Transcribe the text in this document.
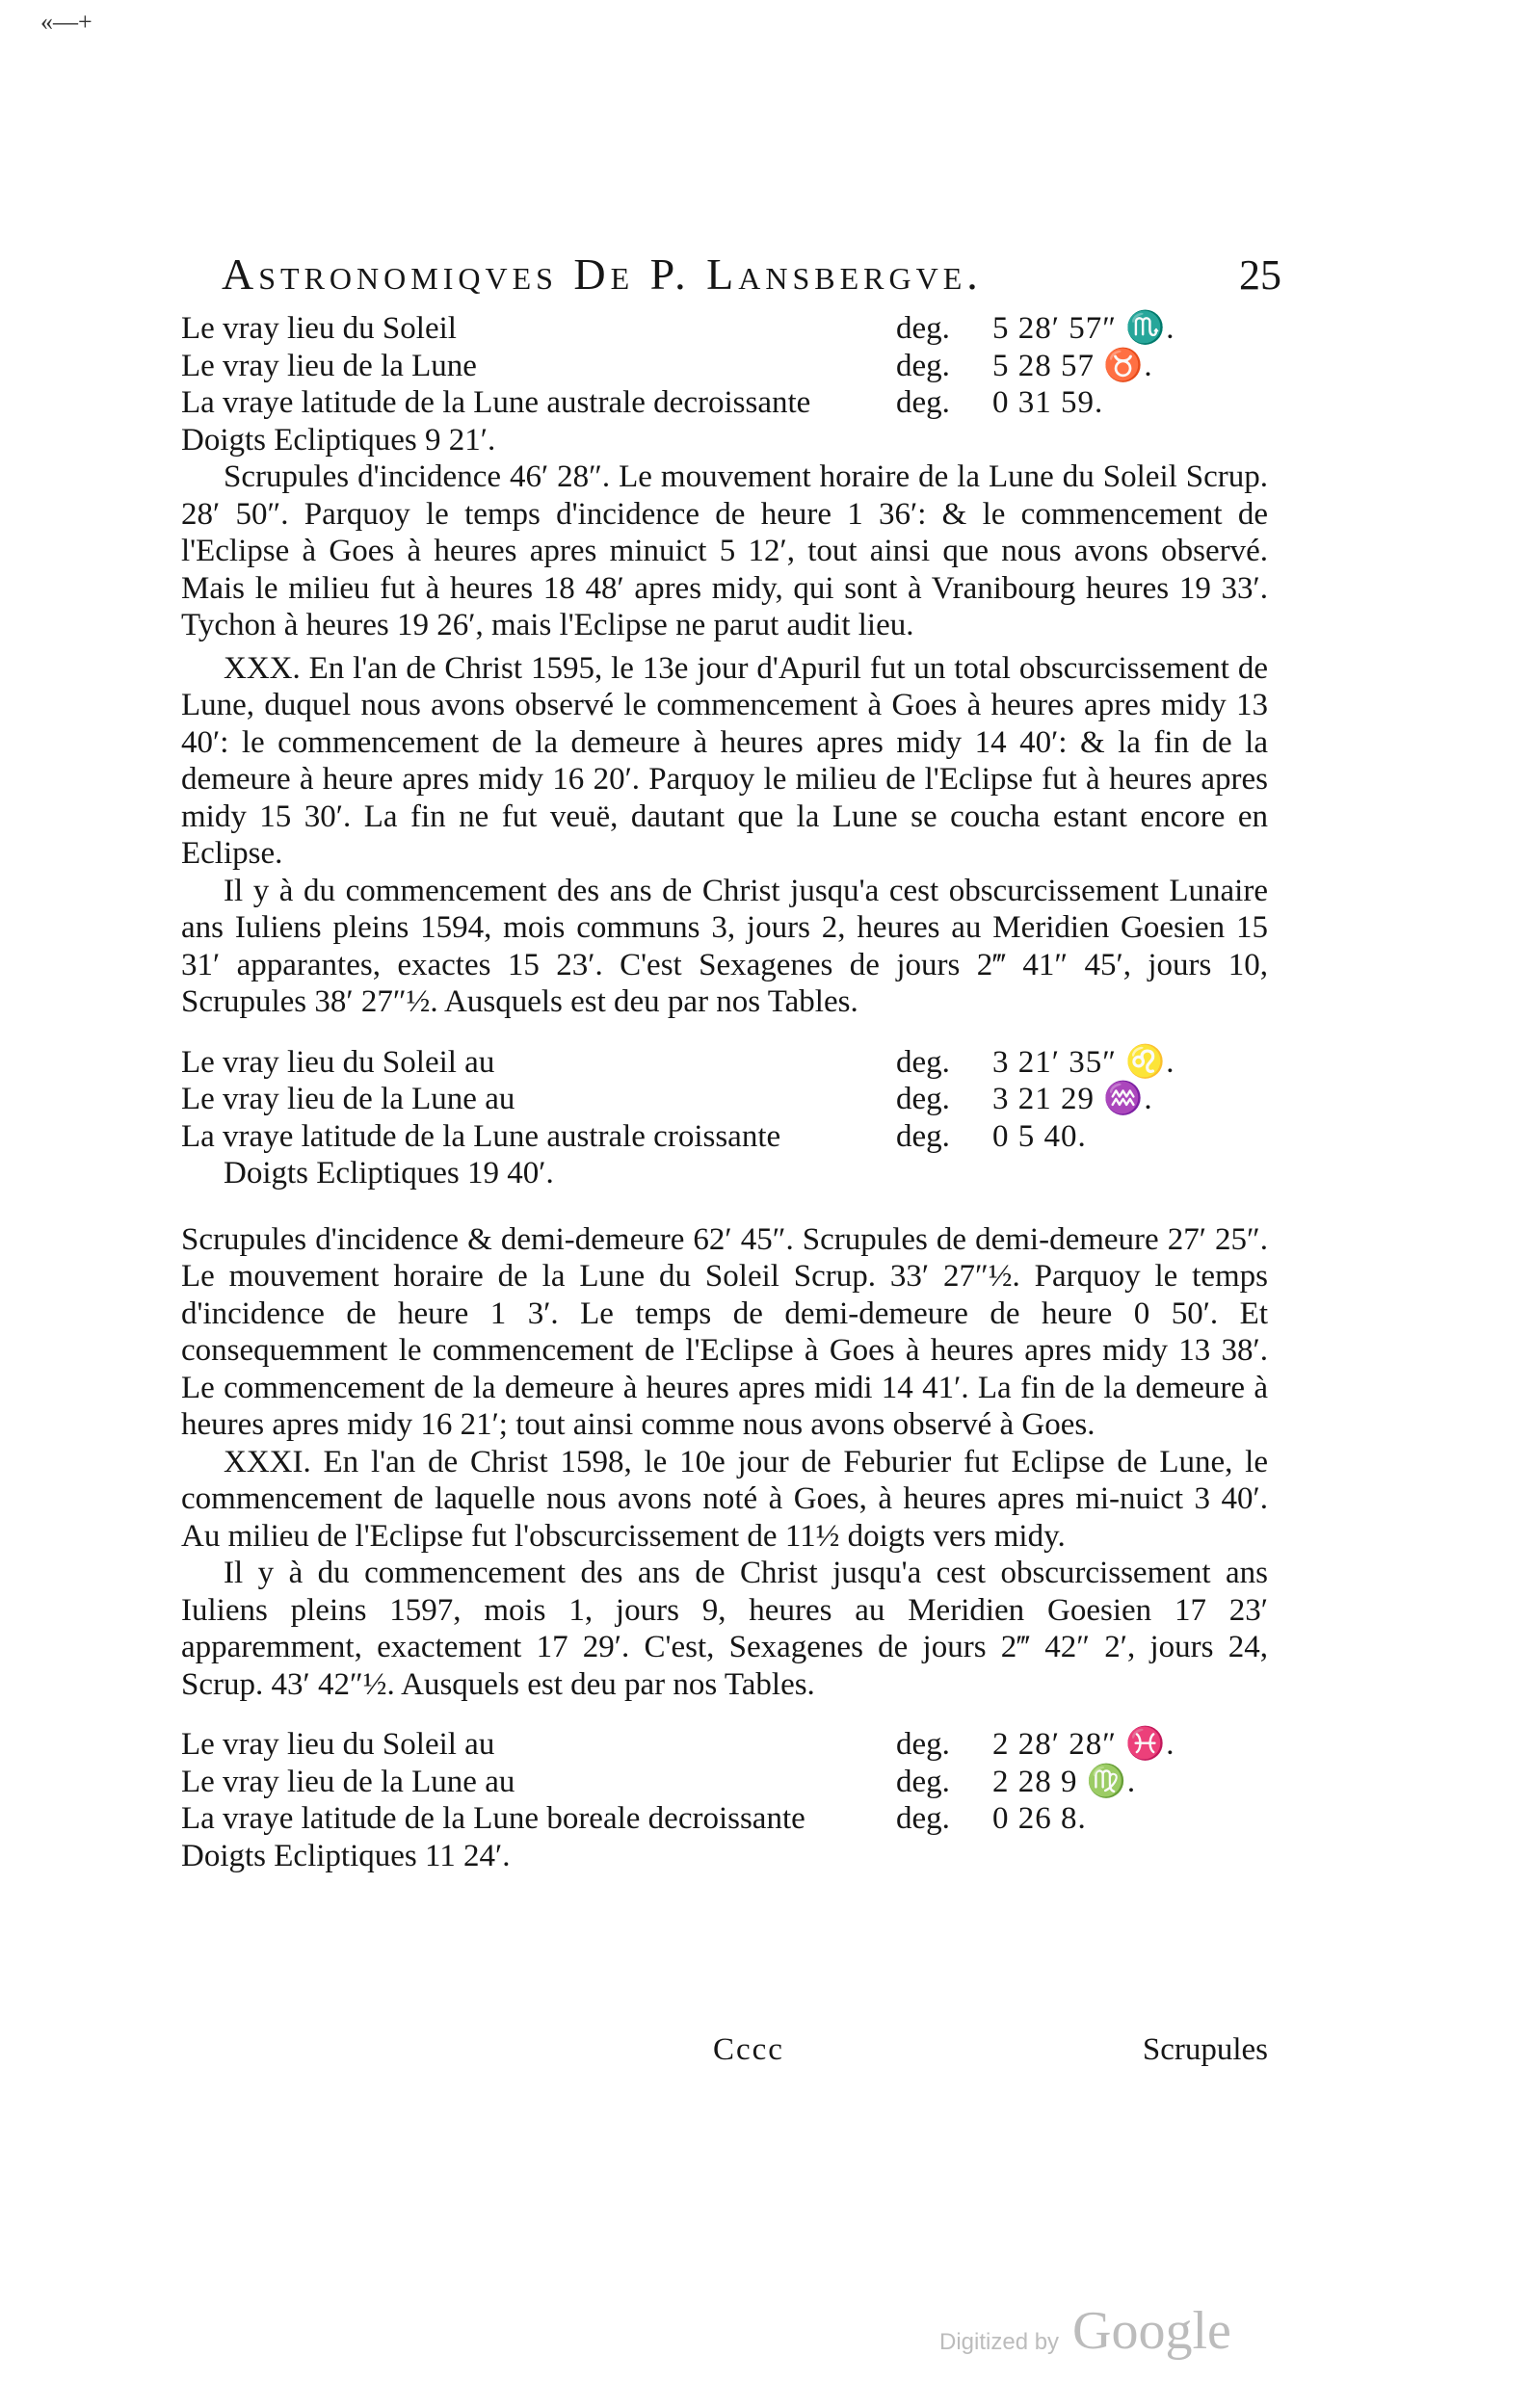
«—+
Astronomiqves De P. Lansbergve.	25
Le vray lieu du Soleil	deg.	5 28′ 57″ ♏.
Le vray lieu de la Lune	deg.	5 28 57 ♉.
La vraye latitude de la Lune australe decroissante	deg.	0 31 59.

Doigts Ecliptiques 9 21′.

Scrupules d'incidence 46′ 28″. Le mouvement horaire de la Lune du Soleil Scrup. 28′ 50″. Parquoy le temps d'incidence de heure 1 36′: & le commencement de l'Eclipse à Goes à heures apres minuict 5 12′, tout ainsi que nous avons observé. Mais le milieu fut à heures 18 48′ apres midy, qui sont à Vranibourg heures 19 33′. Tychon à heures 19 26′, mais l'Eclipse ne parut audit lieu.

XXX. En l'an de Christ 1595, le 13e jour d'Apuril fut un total obscurcissement de Lune, duquel nous avons observé le commencement à Goes à heures apres midy 13 40′: le commencement de la demeure à heures apres midy 14 40′: & la fin de la demeure à heure apres midy 16 20′. Parquoy le milieu de l'Eclipse fut à heures apres midy 15 30′. La fin ne fut veuë, dautant que la Lune se coucha estant encore en Eclipse.

Il y à du commencement des ans de Christ jusqu'a cest obscurcissement Lunaire ans Iuliens pleins 1594, mois communs 3, jours 2, heures au Meridien Goesien 15 31′ apparantes, exactes 15 23′. C'est Sexagenes de jours 2‴ 41″ 45′, jours 10, Scrupules 38′ 27″½. Ausquels est deu par nos Tables.

Le vray lieu du Soleil au	deg.	3 21′ 35″ ♌.
Le vray lieu de la Lune au	deg.	3 21 29 ♒.
La vraye latitude de la Lune australe croissante	deg.	0 5 40.

Doigts Ecliptiques 19 40′.

Scrupules d'incidence & demi-demeure 62′ 45″. Scrupules de demi-demeure 27′ 25″. Le mouvement horaire de la Lune du Soleil Scrup. 33′ 27″½. Parquoy le temps d'incidence de heure 1 3′. Le temps de demi-demeure de heure 0 50′. Et consequemment le commencement de l'Eclipse à Goes à heures apres midy 13 38′. Le commencement de la demeure à heures apres midi 14 41′. La fin de la demeure à heures apres midy 16 21′; tout ainsi comme nous avons observé à Goes.

XXXI. En l'an de Christ 1598, le 10e jour de Feburier fut Eclipse de Lune, le commencement de laquelle nous avons noté à Goes, à heures apres mi-nuict 3 40′. Au milieu de l'Eclipse fut l'obscurcissement de 11½ doigts vers midy.

Il y à du commencement des ans de Christ jusqu'a cest obscurcissement ans Iuliens pleins 1597, mois 1, jours 9, heures au Meridien Goesien 17 23′ apparemment, exactement 17 29′. C'est, Sexagenes de jours 2‴ 42″ 2′, jours 24, Scrup. 43′ 42″½. Ausquels est deu par nos Tables.

Le vray lieu du Soleil au	deg.	2 28′ 28″ ♓.
Le vray lieu de la Lune au	deg.	2 28 9 ♍.
La vraye latitude de la Lune boreale decroissante	deg.	0 26 8.

Doigts Ecliptiques 11 24′.

Cccc	Scrupules
Digitized by Google
